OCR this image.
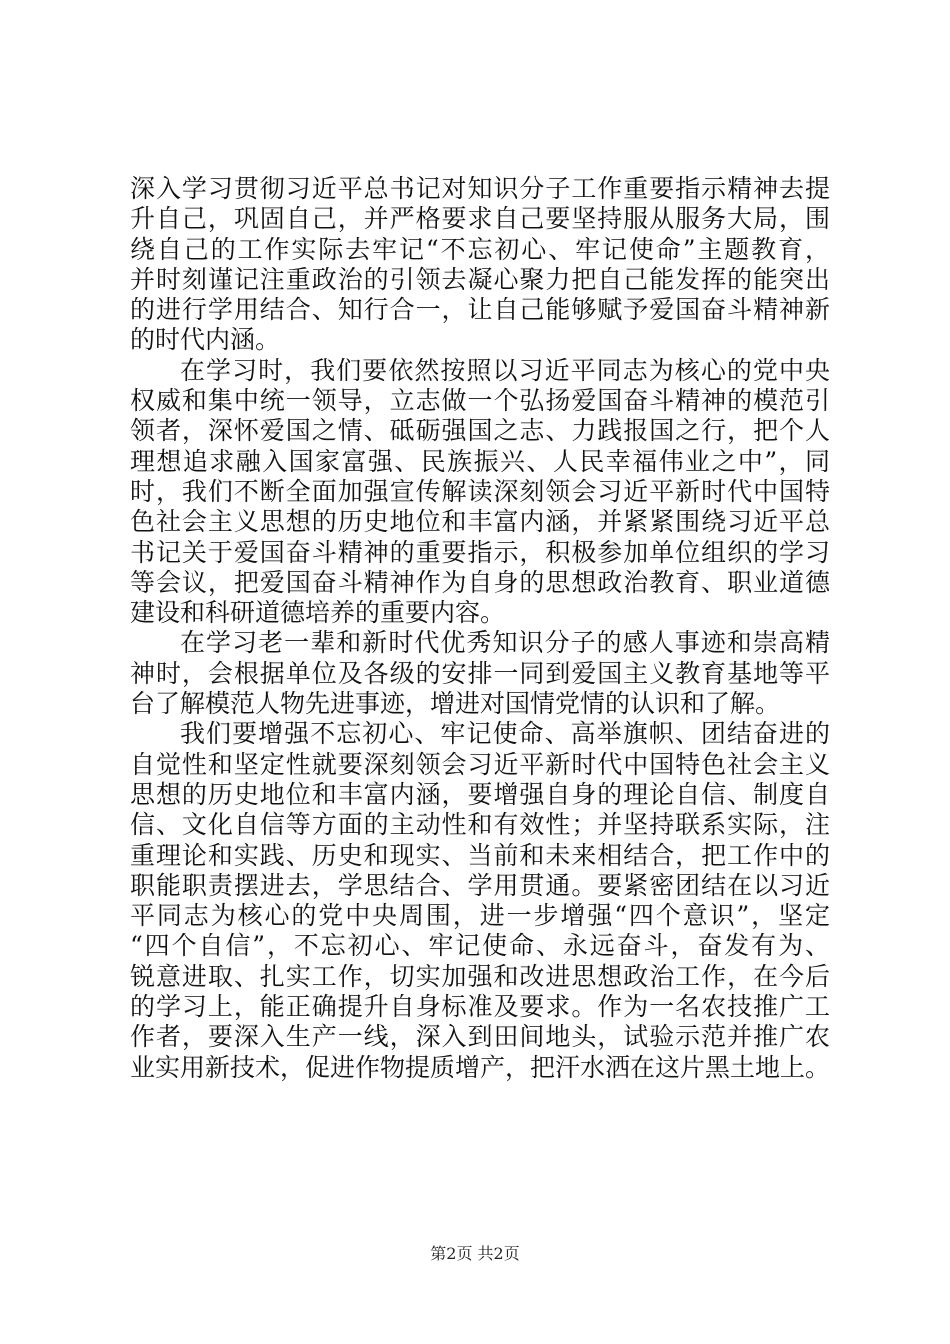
深入学习贯彻习近平总书记对知识分子工作重要指示精神去提
升自己，巩固自己，并严格要求自己要坚持服从服务大局，围
绕自己的工作实际去牢记“不忘初心、牢记使命”主题教育，
并时刻谨记注重政治的引领去凝心聚力把自己能发挥的能突出
的进行学用结合、知行合一，让自己能够赋予爱国奋斗精神新
的时代内涵。
在学习时，我们要依然按照以习近平同志为核心的党中央
权威和集中统一领导，立志做一个弘扬爱国奋斗精神的模范引
领者，深怀爱国之情、砥砺强国之志、力践报国之行，把个人
理想追求融入国家富强、民族振兴、人民幸福伟业之中”，同
时，我们不断全面加强宣传解读深刻领会习近平新时代中国特
色社会主义思想的历史地位和丰富内涵，并紧紧围绕习近平总
书记关于爱国奋斗精神的重要指示，积极参加单位组织的学习
等会议，把爱国奋斗精神作为自身的思想政治教育、职业道德
建设和科研道德培养的重要内容。
在学习老一辈和新时代优秀知识分子的感人事迹和崇高精
神时，会根据单位及各级的安排一同到爱国主义教育基地等平
台了解模范人物先进事迹，增进对国情党情的认识和了解。
我们要增强不忘初心、牢记使命、高举旗帜、团结奋进的
自觉性和坚定性就要深刻领会习近平新时代中国特色社会主义
思想的历史地位和丰富内涵，要增强自身的理论自信、制度自
信、文化自信等方面的主动性和有效性；并坚持联系实际，注
重理论和实践、历史和现实、当前和未来相结合，把工作中的
职能职责摆进去，学思结合、学用贯通。要紧密团结在以习近
平同志为核心的党中央周围，进一步增强“四个意识”，坚定
“四个自信”，不忘初心、牢记使命、永远奋斗，奋发有为、
锐意进取、扎实工作，切实加强和改进思想政治工作，在今后
的学习上，能正确提升自身标准及要求。作为一名农技推广工
作者，要深入生产一线，深入到田间地头，试验示范并推广农
业实用新技术，促进作物提质增产，把汗水洒在这片黑土地上。
第2页 共2页
